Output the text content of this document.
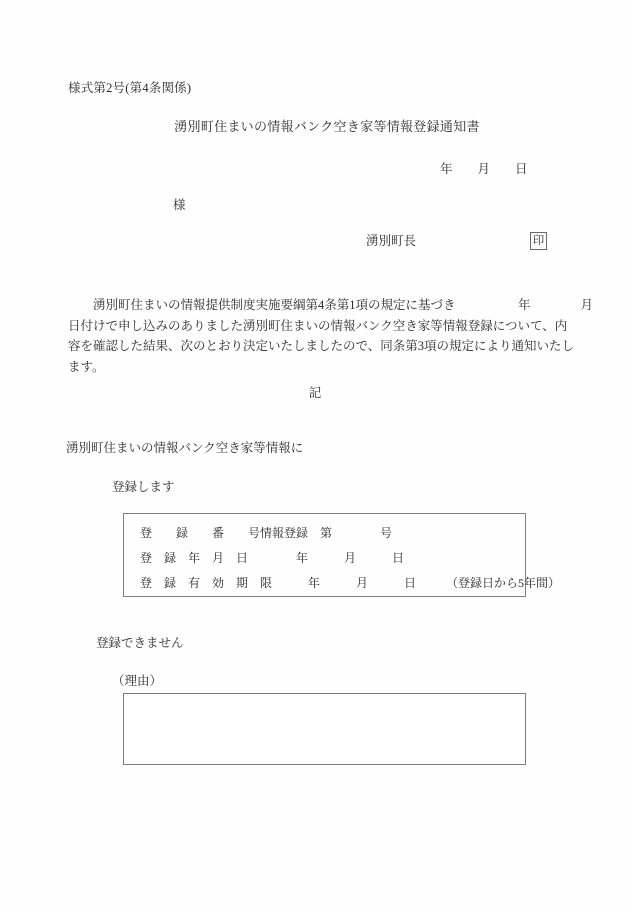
様式第2号(第4条関係)
湧別町住まいの情報バンク空き家等情報登録通知書
年        月        日
様
湧別町長	印
　　湧別町住まいの情報提供制度実施要綱第4条第1項の規定に基づき　　　　　年　　　　月
日付けで申し込みのありました湧別町住まいの情報バンク空き家等情報登録について、内
容を確認した結果、次のとおり決定いたしましたので、同条第3項の規定により通知いたし
ます。
記
湧別町住まいの情報バンク空き家等情報に
登録します
登　　録　　番　　号情報登録　第　　　　号
登　録　年　月　日　　　　年　　　月　　　日
登　録　有　効　期　限　　　年　　　月　　　日　　　（登録日から5年間）
登録できません
（理由）
